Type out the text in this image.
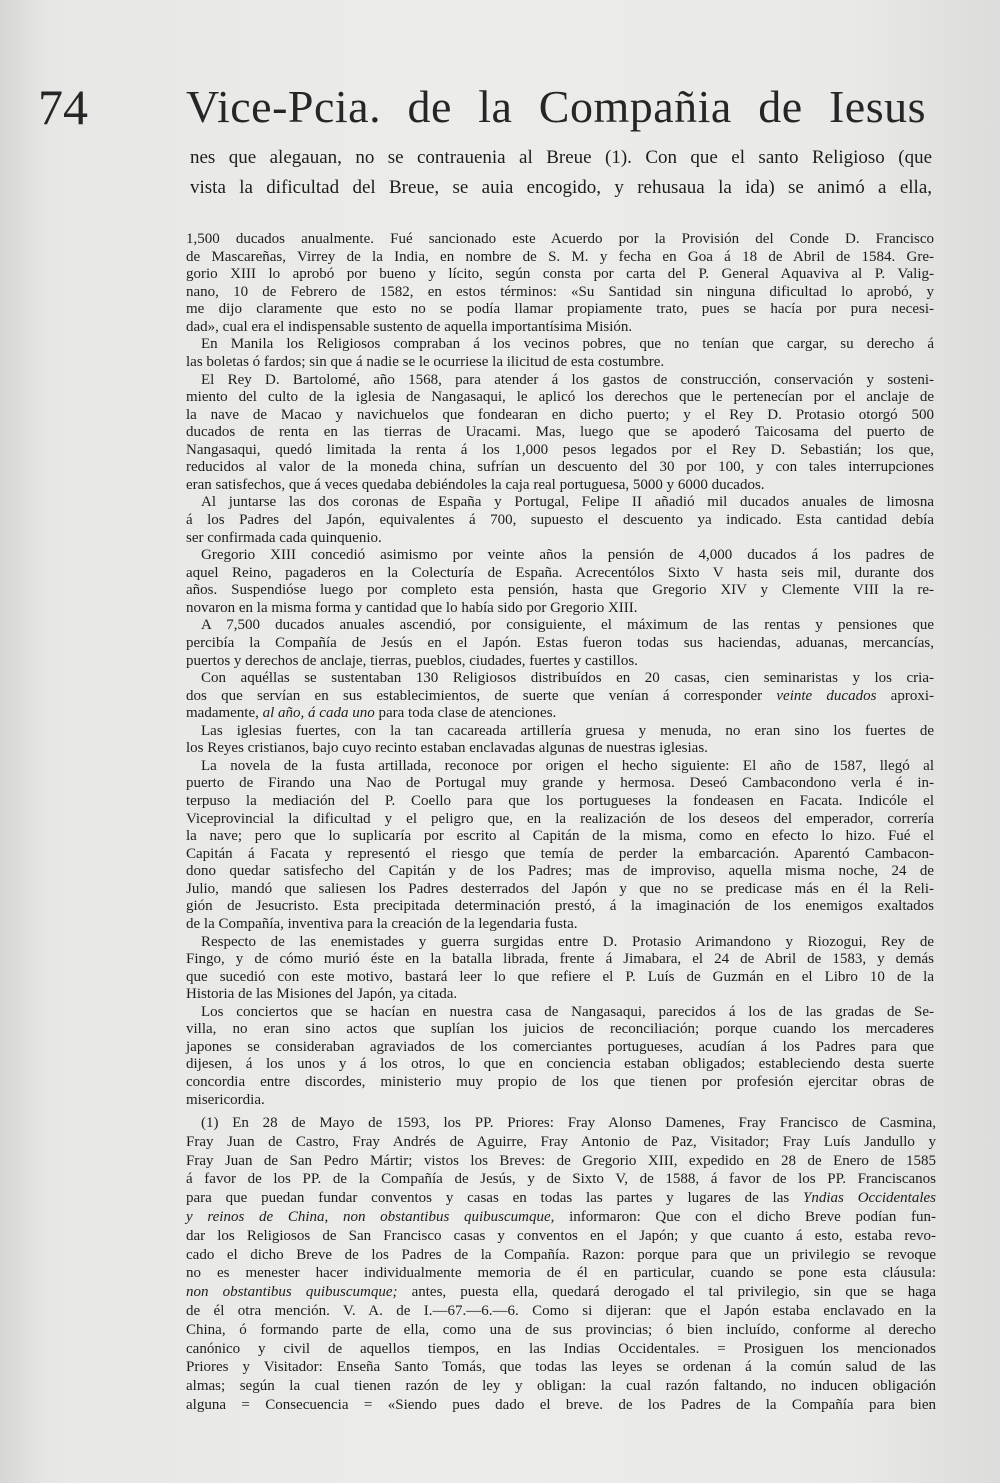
74 Vice-Pcia. de la Compañia de Iesus
nes que alegauan, no se contrauenia al Breue (1). Con que el santo Religioso (que
vista la dificultad del Breue, se auia encogido, y rehusaua la ida) se animó a ella,
1,500 ducados anualmente. Fué sancionado este Acuerdo por la Provisión del Conde D. Francisco
de Mascareñas, Virrey de la India, en nombre de S. M. y fecha en Goa á 18 de Abril de 1584. Gre-
gorio XIII lo aprobó por bueno y lícito, según consta por carta del P. General Aquaviva al P. Valig-
nano, 10 de Febrero de 1582, en estos términos: «Su Santidad sin ninguna dificultad lo aprobó, y
me dijo claramente que esto no se podía llamar propiamente trato, pues se hacía por pura necesi-
dad», cual era el indispensable sustento de aquella importantísima Misión.
En Manila los Religiosos compraban á los vecinos pobres, que no tenían que cargar, su derecho á
las boletas ó fardos; sin que á nadie se le ocurriese la ilicitud de esta costumbre.
El Rey D. Bartolomé, año 1568, para atender á los gastos de construcción, conservación y sosteni-
miento del culto de la iglesia de Nangasaqui, le aplicó los derechos que le pertenecían por el anclaje de
la nave de Macao y navichuelos que fondearan en dicho puerto; y el Rey D. Protasio otorgó 500
ducados de renta en las tierras de Uracami. Mas, luego que se apoderó Taicosama del puerto de
Nangasaqui, quedó limitada la renta á los 1,000 pesos legados por el Rey D. Sebastián; los que,
reducidos al valor de la moneda china, sufrían un descuento del 30 por 100, y con tales interrupciones
eran satisfechos, que á veces quedaba debiéndoles la caja real portuguesa, 5000 y 6000 ducados.
Al juntarse las dos coronas de España y Portugal, Felipe II añadió mil ducados anuales de limosna
á los Padres del Japón, equivalentes á 700, supuesto el descuento ya indicado. Esta cantidad debía
ser confirmada cada quinquenio.
Gregorio XIII concedió asimismo por veinte años la pensión de 4,000 ducados á los padres de
aquel Reino, pagaderos en la Colecturía de España. Acrecentólos Sixto V hasta seis mil, durante dos
años. Suspendióse luego por completo esta pensión, hasta que Gregorio XIV y Clemente VIII la re-
novaron en la misma forma y cantidad que lo había sido por Gregorio XIII.
A 7,500 ducados anuales ascendió, por consiguiente, el máximum de las rentas y pensiones que
percibía la Compañía de Jesús en el Japón. Estas fueron todas sus haciendas, aduanas, mercancías,
puertos y derechos de anclaje, tierras, pueblos, ciudades, fuertes y castillos.
Con aquéllas se sustentaban 130 Religiosos distribuídos en 20 casas, cien seminaristas y los cria-
dos que servían en sus establecimientos, de suerte que venían á corresponder veinte ducados aproxi-
madamente, al año, á cada uno para toda clase de atenciones.
Las iglesias fuertes, con la tan cacareada artillería gruesa y menuda, no eran sino los fuertes de
los Reyes cristianos, bajo cuyo recinto estaban enclavadas algunas de nuestras iglesias.
La novela de la fusta artillada, reconoce por origen el hecho siguiente: El año de 1587, llegó al
puerto de Firando una Nao de Portugal muy grande y hermosa. Deseó Cambacondono verla é in-
terpuso la mediación del P. Coello para que los portugueses la fondeasen en Facata. Indicóle el
Viceprovincial la dificultad y el peligro que, en la realización de los deseos del emperador, correría
la nave; pero que lo suplicaría por escrito al Capitán de la misma, como en efecto lo hizo. Fué el
Capitán á Facata y representó el riesgo que temía de perder la embarcación. Aparentó Cambacon-
dono quedar satisfecho del Capitán y de los Padres; mas de improviso, aquella misma noche, 24 de
Julio, mandó que saliesen los Padres desterrados del Japón y que no se predicase más en él la Reli-
gión de Jesucristo. Esta precipitada determinación prestó, á la imaginación de los enemigos exaltados
de la Compañía, inventiva para la creación de la legendaria fusta.
Respecto de las enemistades y guerra surgidas entre D. Protasio Arimandono y Riozogui, Rey de
Fingo, y de cómo murió éste en la batalla librada, frente á Jimabara, el 24 de Abril de 1583, y demás
que sucedió con este motivo, bastará leer lo que refiere el P. Luís de Guzmán en el Libro 10 de la
Historia de las Misiones del Japón, ya citada.
Los conciertos que se hacían en nuestra casa de Nangasaqui, parecidos á los de las gradas de Se-
villa, no eran sino actos que suplían los juicios de reconciliación; porque cuando los mercaderes
japones se consideraban agraviados de los comerciantes portugueses, acudían á los Padres para que
dijesen, á los unos y á los otros, lo que en conciencia estaban obligados; estableciendo desta suerte
concordia entre discordes, ministerio muy propio de los que tienen por profesión ejercitar obras de
misericordia.
(1) En 28 de Mayo de 1593, los PP. Priores: Fray Alonso Damenes, Fray Francisco de Casmina,
Fray Juan de Castro, Fray Andrés de Aguirre, Fray Antonio de Paz, Visitador; Fray Luís Jandullo y
Fray Juan de San Pedro Mártir; vistos los Breves: de Gregorio XIII, expedido en 28 de Enero de 1585
á favor de los PP. de la Compañía de Jesús, y de Sixto V, de 1588, á favor de los PP. Franciscanos
para que puedan fundar conventos y casas en todas las partes y lugares de las Yndias Occidentales
y reinos de China, non obstantibus quibuscumque, informaron: Que con el dicho Breve podían fun-
dar los Religiosos de San Francisco casas y conventos en el Japón; y que cuanto á esto, estaba revo-
cado el dicho Breve de los Padres de la Compañía. Razon: porque para que un privilegio se revoque
no es menester hacer individualmente memoria de él en particular, cuando se pone esta cláusula:
non obstantibus quibuscumque; antes, puesta ella, quedará derogado el tal privilegio, sin que se haga
de él otra mención. V. A. de I.—67.—6.—6. Como si dijeran: que el Japón estaba enclavado en la
China, ó formando parte de ella, como una de sus provincias; ó bien incluído, conforme al derecho
canónico y civil de aquellos tiempos, en las Indias Occidentales. = Prosiguen los mencionados
Priores y Visitador: Enseña Santo Tomás, que todas las leyes se ordenan á la común salud de las
almas; según la cual tienen razón de ley y obligan: la cual razón faltando, no inducen obligación
alguna = Consecuencia = «Siendo pues dado el breve. de los Padres de la Compañía para bien
